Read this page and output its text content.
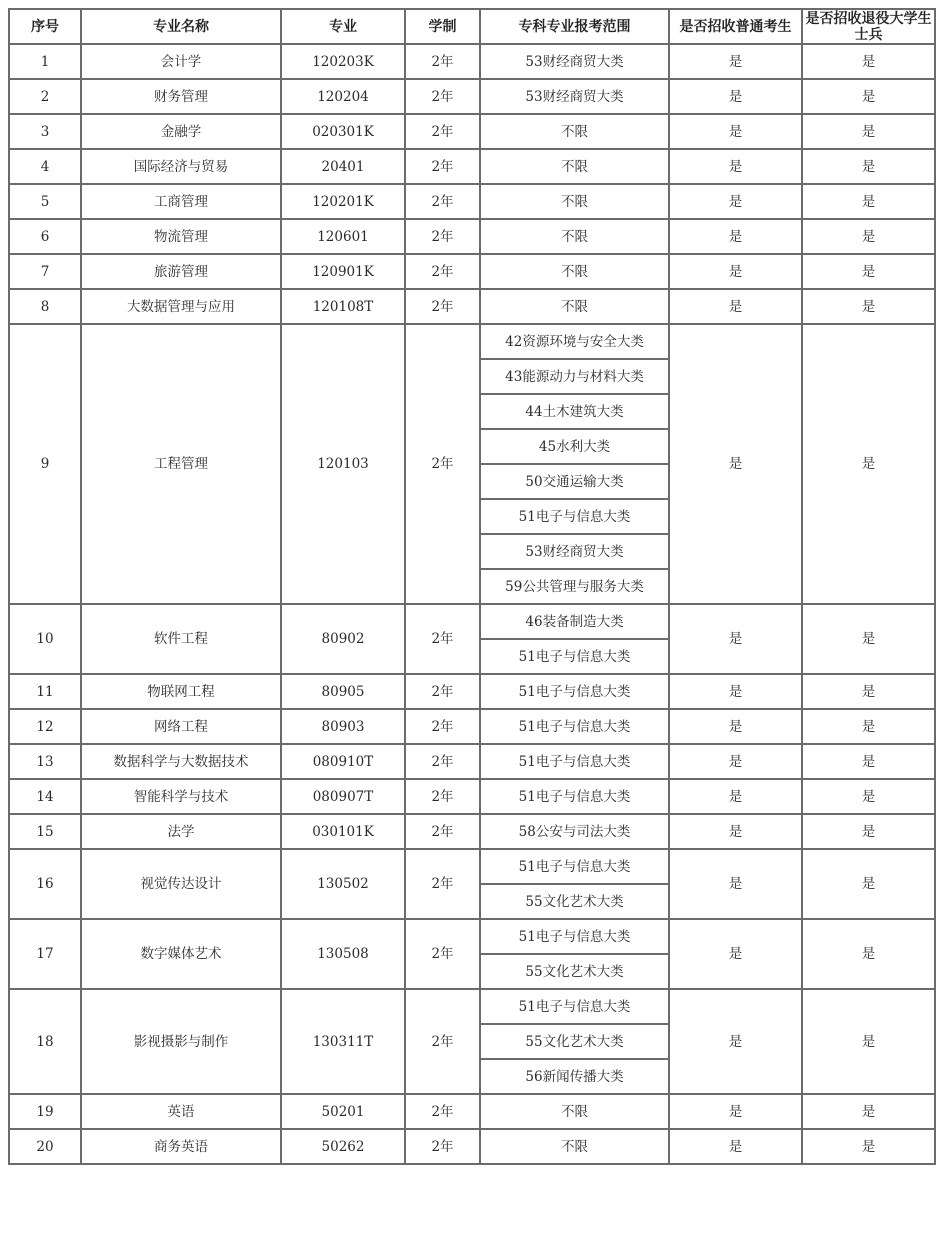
序号	专业名称	专业	学制	专科专业报考范围	是否招收普通考生	是否招收退役大学生士兵
1	会计学	120203K	2年	53财经商贸大类	是	是
2	财务管理	120204	2年	53财经商贸大类	是	是
3	金融学	020301K	2年	不限	是	是
4	国际经济与贸易	20401	2年	不限	是	是
5	工商管理	120201K	2年	不限	是	是
6	物流管理	120601	2年	不限	是	是
7	旅游管理	120901K	2年	不限	是	是
8	大数据管理与应用	120108T	2年	不限	是	是
9	工程管理	120103	2年	42资源环境与安全大类	是	是
				43能源动力与材料大类		
				44土木建筑大类		
				45水利大类		
				50交通运输大类		
				51电子与信息大类		
				53财经商贸大类		
				59公共管理与服务大类		
10	软件工程	80902	2年	46装备制造大类	是	是
				51电子与信息大类		
11	物联网工程	80905	2年	51电子与信息大类	是	是
12	网络工程	80903	2年	51电子与信息大类	是	是
13	数据科学与大数据技术	080910T	2年	51电子与信息大类	是	是
14	智能科学与技术	080907T	2年	51电子与信息大类	是	是
15	法学	030101K	2年	58公安与司法大类	是	是
16	视觉传达设计	130502	2年	51电子与信息大类	是	是
				55文化艺术大类		
17	数字媒体艺术	130508	2年	51电子与信息大类	是	是
				55文化艺术大类		
18	影视摄影与制作	130311T	2年	51电子与信息大类	是	是
				55文化艺术大类		
				56新闻传播大类		
19	英语	50201	2年	不限	是	是
20	商务英语	50262	2年	不限	是	是
